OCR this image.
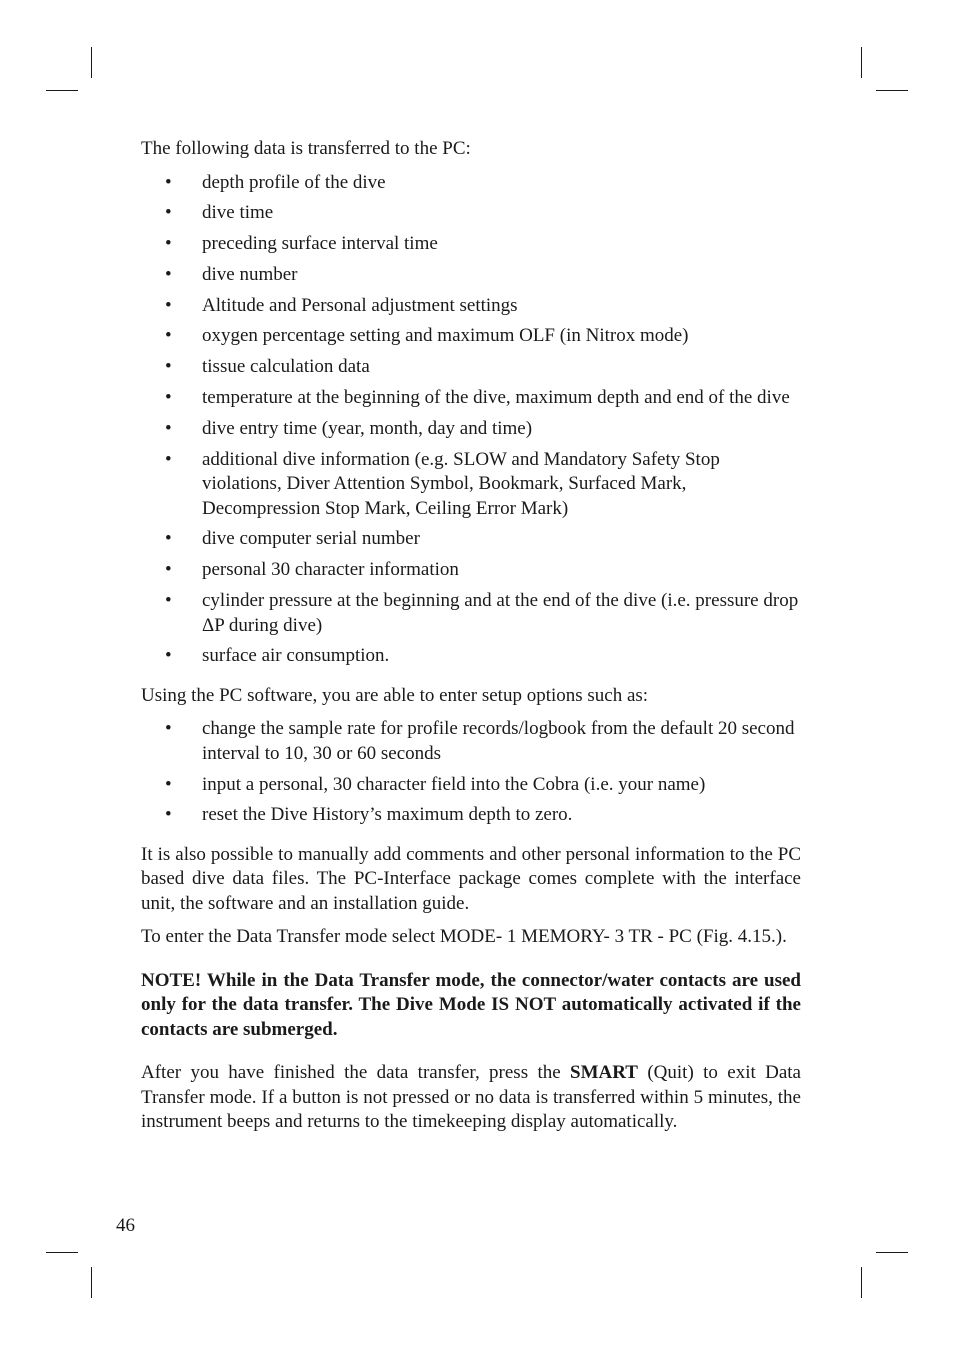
The following data is transferred to the PC:

• depth profile of the dive
• dive time
• preceding surface interval time
• dive number
• Altitude and Personal adjustment settings
• oxygen percentage setting and maximum OLF (in Nitrox mode)
• tissue calculation data
• temperature at the beginning of the dive, maximum depth and end of the dive
• dive entry time (year, month, day and time)
• additional dive information (e.g. SLOW and Mandatory Safety Stop violations, Diver Attention Symbol, Bookmark, Surfaced Mark, Decompression Stop Mark, Ceiling Error Mark)
• dive computer serial number
• personal 30 character information
• cylinder pressure at the beginning and at the end of the dive (i.e. pressure drop ΔP during dive)
• surface air consumption.

Using the PC software, you are able to enter setup options such as:

• change the sample rate for profile records/logbook from the default 20 second interval to 10, 30 or 60 seconds
• input a personal, 30 character field into the Cobra (i.e. your name)
• reset the Dive History’s maximum depth to zero.

It is also possible to manually add comments and other personal information to the PC based dive data files. The PC-Interface package comes complete with the interface unit, the software and an installation guide.

To enter the Data Transfer mode select MODE- 1 MEMORY- 3 TR - PC (Fig. 4.15.).

NOTE! While in the Data Transfer mode, the connector/water contacts are used only for the data transfer. The Dive Mode IS NOT automatically activated if the contacts are submerged.

After you have finished the data transfer, press the SMART (Quit) to exit Data Transfer mode. If a button is not pressed or no data is transferred within 5 minutes, the instrument beeps and returns to the timekeeping display automatically.

46
